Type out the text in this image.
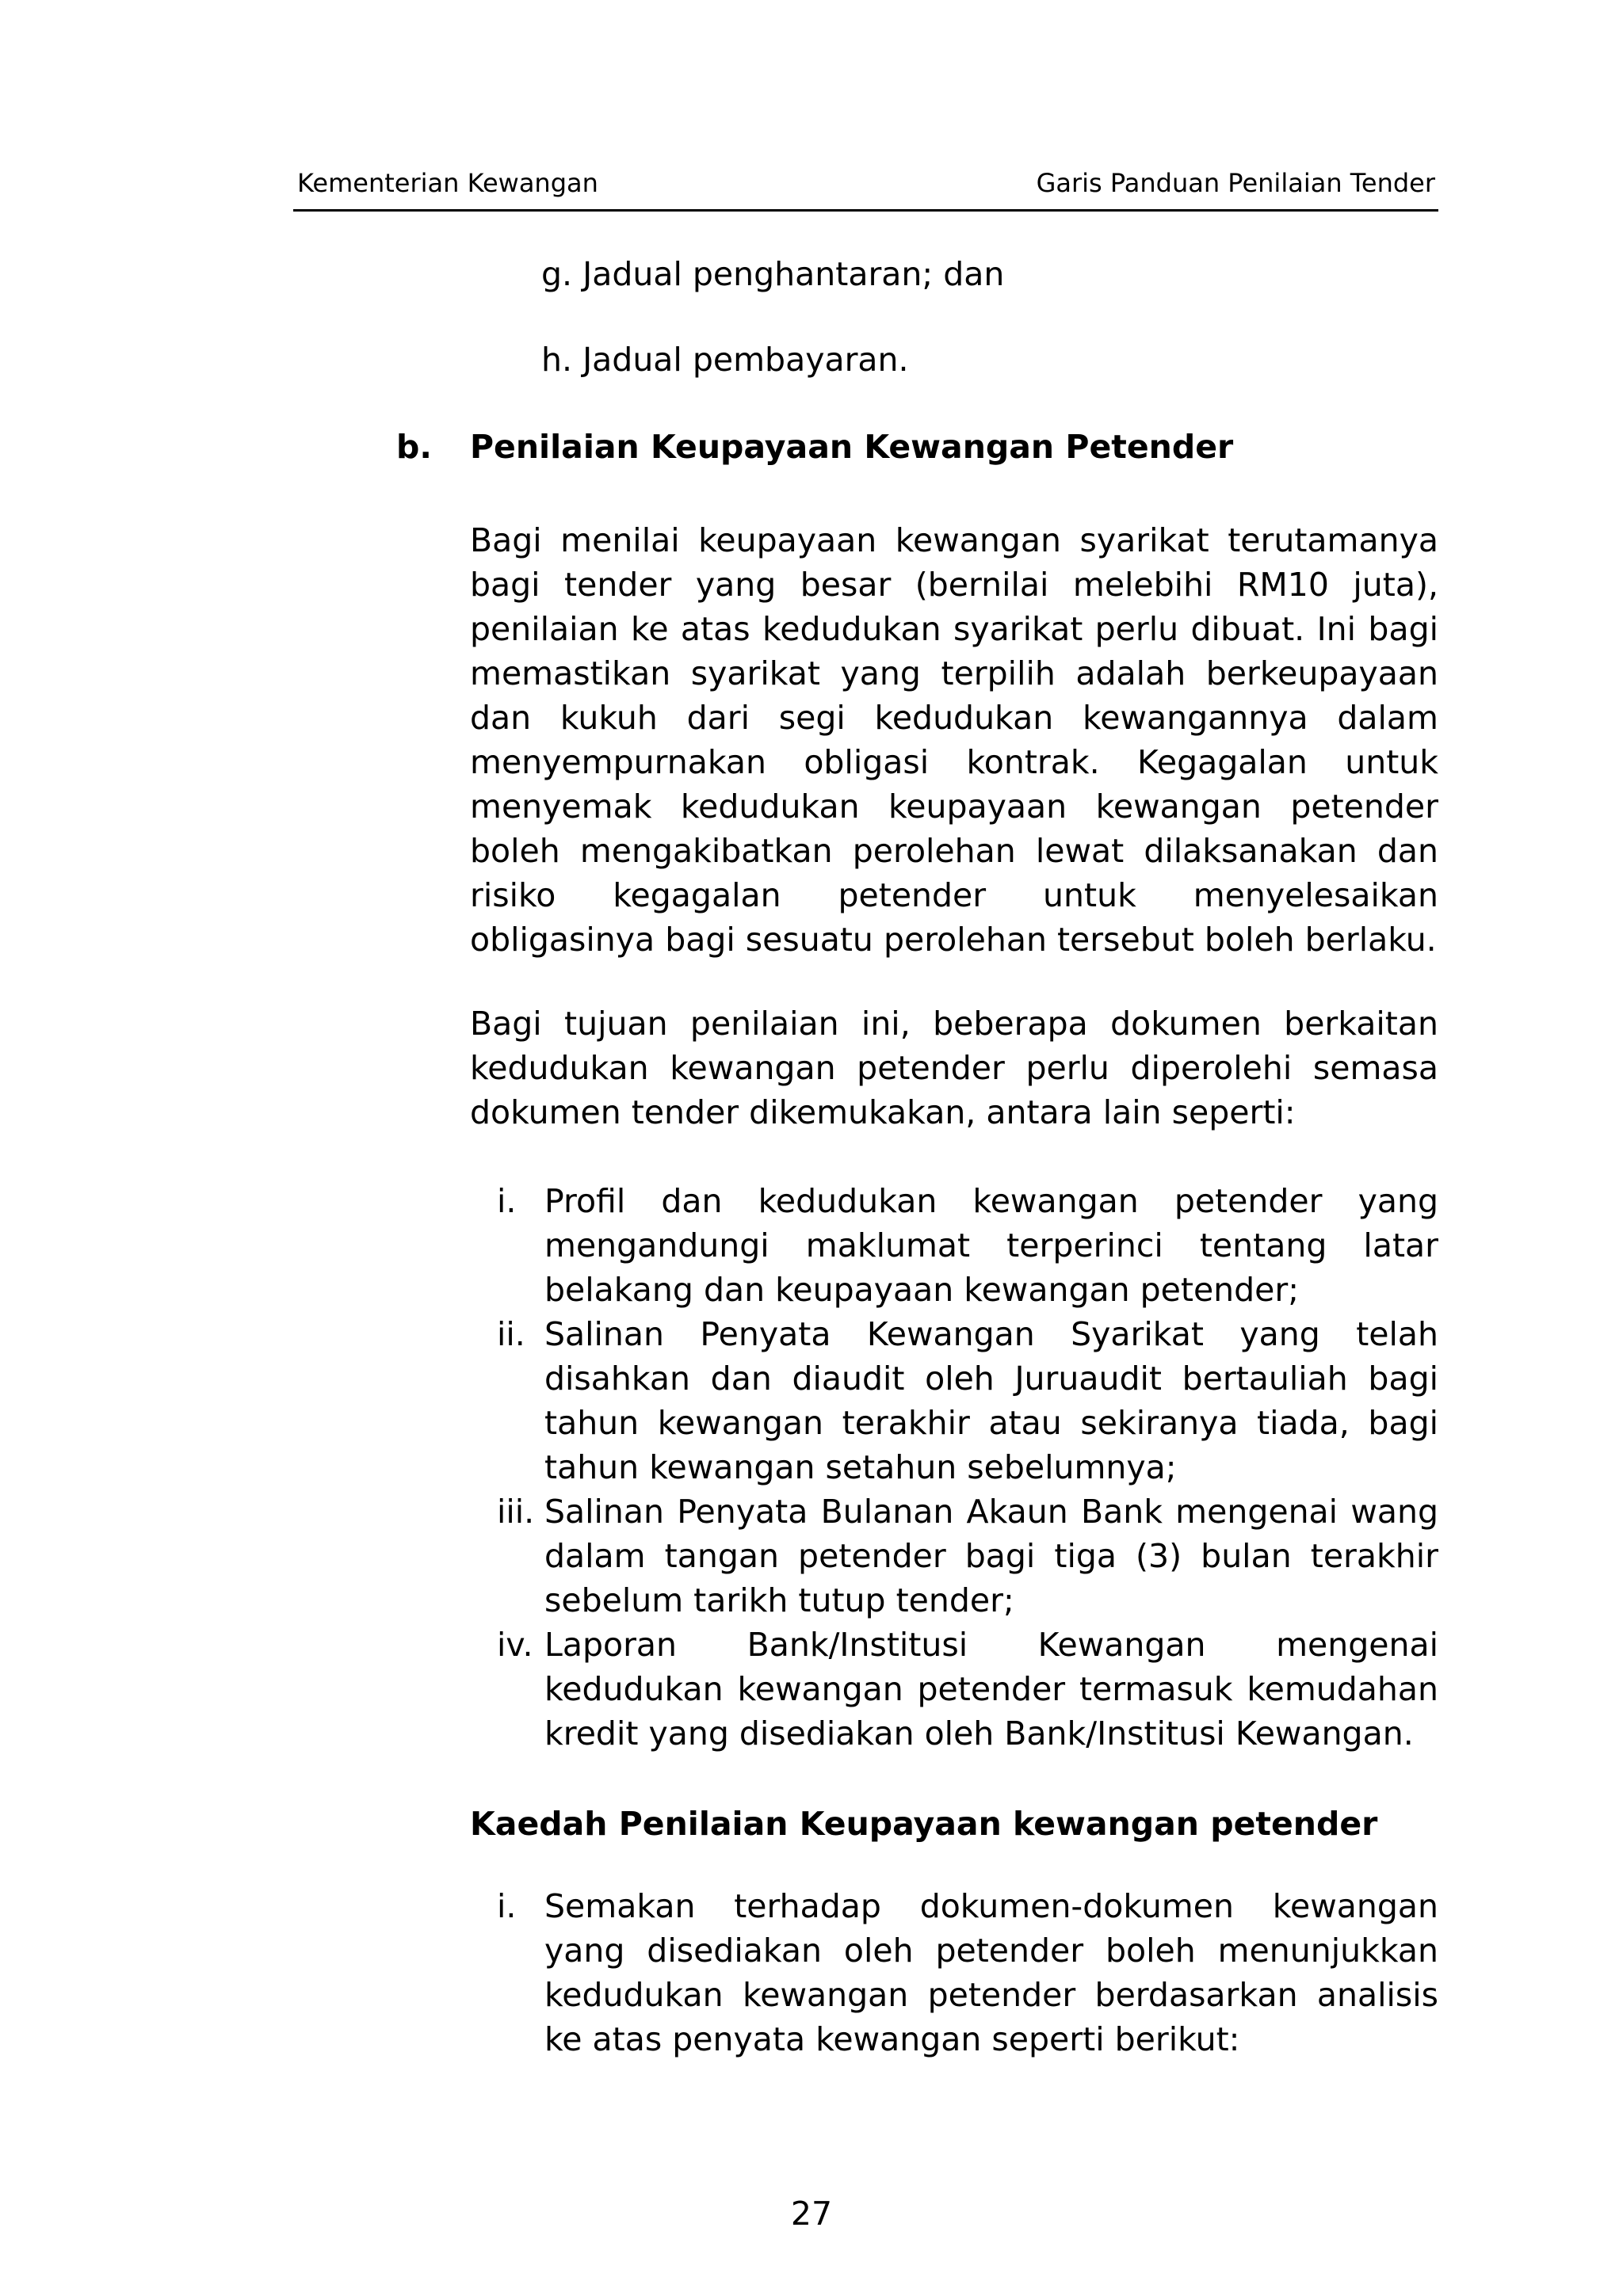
Kementerian Kewangan	Garis Panduan Penilaian Tender
g. Jadual penghantaran; dan
h. Jadual pembayaran.
b. Penilaian Keupayaan Kewangan Petender
Bagi menilai keupayaan kewangan syarikat terutamanya bagi tender yang besar (bernilai melebihi RM10 juta), penilaian ke atas kedudukan syarikat perlu dibuat. Ini bagi memastikan syarikat yang terpilih adalah berkeupayaan dan kukuh dari segi kedudukan kewangannya dalam menyempurnakan obligasi kontrak. Kegagalan untuk menyemak kedudukan keupayaan kewangan petender boleh mengakibatkan perolehan lewat dilaksanakan dan risiko kegagalan petender untuk menyelesaikan obligasinya bagi sesuatu perolehan tersebut boleh berlaku.
Bagi tujuan penilaian ini, beberapa dokumen berkaitan kedudukan kewangan petender perlu diperolehi semasa dokumen tender dikemukakan, antara lain seperti:
i. Profil dan kedudukan kewangan petender yang mengandungi maklumat terperinci tentang latar belakang dan keupayaan kewangan petender;
ii. Salinan Penyata Kewangan Syarikat yang telah disahkan dan diaudit oleh Juruaudit bertauliah bagi tahun kewangan terakhir atau sekiranya tiada, bagi tahun kewangan setahun sebelumnya;
iii. Salinan Penyata Bulanan Akaun Bank mengenai wang dalam tangan petender bagi tiga (3) bulan terakhir sebelum tarikh tutup tender;
iv. Laporan Bank/Institusi Kewangan mengenai kedudukan kewangan petender termasuk kemudahan kredit yang disediakan oleh Bank/Institusi Kewangan.
Kaedah Penilaian Keupayaan kewangan petender
i. Semakan terhadap dokumen-dokumen kewangan yang disediakan oleh petender boleh menunjukkan kedudukan kewangan petender berdasarkan analisis ke atas penyata kewangan seperti berikut:
27
